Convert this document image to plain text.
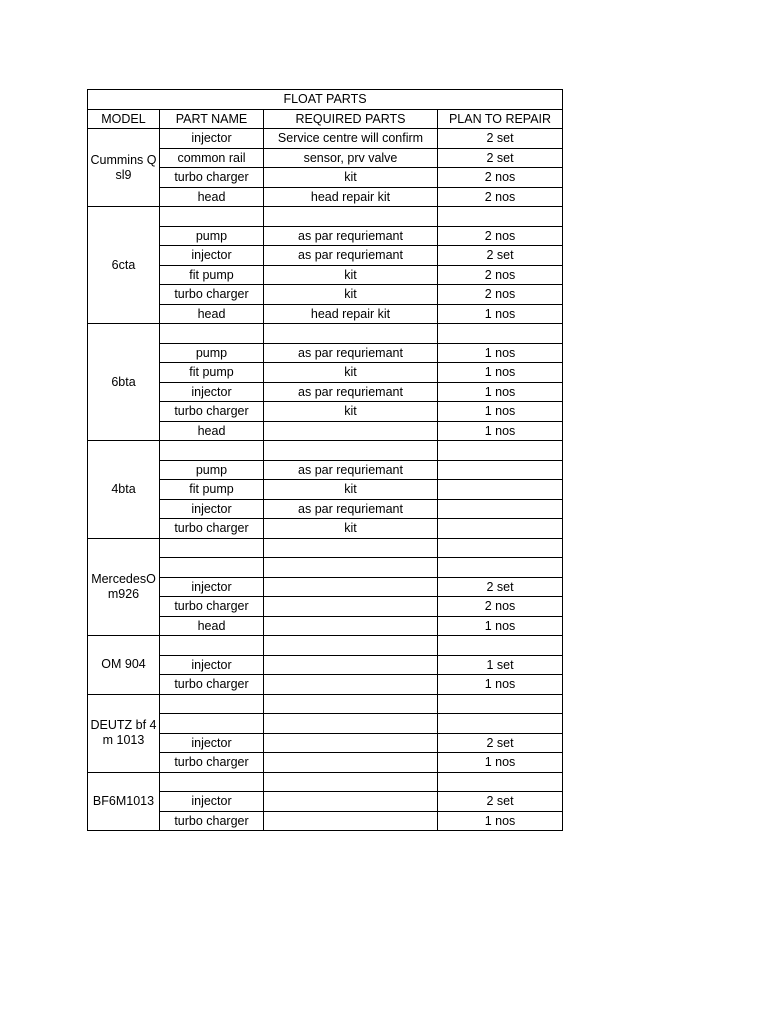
FLOAT PARTS			
MODEL	PART NAME	REQUIRED PARTS	PLAN TO REPAIR
Cummins Qsl9	injector	Service centre will confirm	2 set
	common rail	sensor, prv valve	2 set
	turbo charger	kit	2 nos
	head	head repair kit	2 nos
6cta			
	pump	as par requriemant	2 nos
	injector	as par requriemant	2 set
	fit pump	kit	2 nos
	turbo charger	kit	2 nos
	head	head repair kit	1 nos
6bta			
	pump	as par requriemant	1 nos
	fit pump	kit	1 nos
	injector	as par requriemant	1 nos
	turbo charger	kit	1 nos
	head		1 nos
4bta			
	pump	as par requriemant	
	fit pump	kit	
	injector	as par requriemant	
	turbo charger	kit	
MercedesOm926			

	injector		2 set
	turbo charger		2 nos
	head		1 nos
OM 904			
	injector		1 set
	turbo charger		1 nos
DEUTZ bf 4m 1013			

	injector		2 set
	turbo charger		1 nos
BF6M1013			
	injector		2 set
	turbo charger		1 nos
